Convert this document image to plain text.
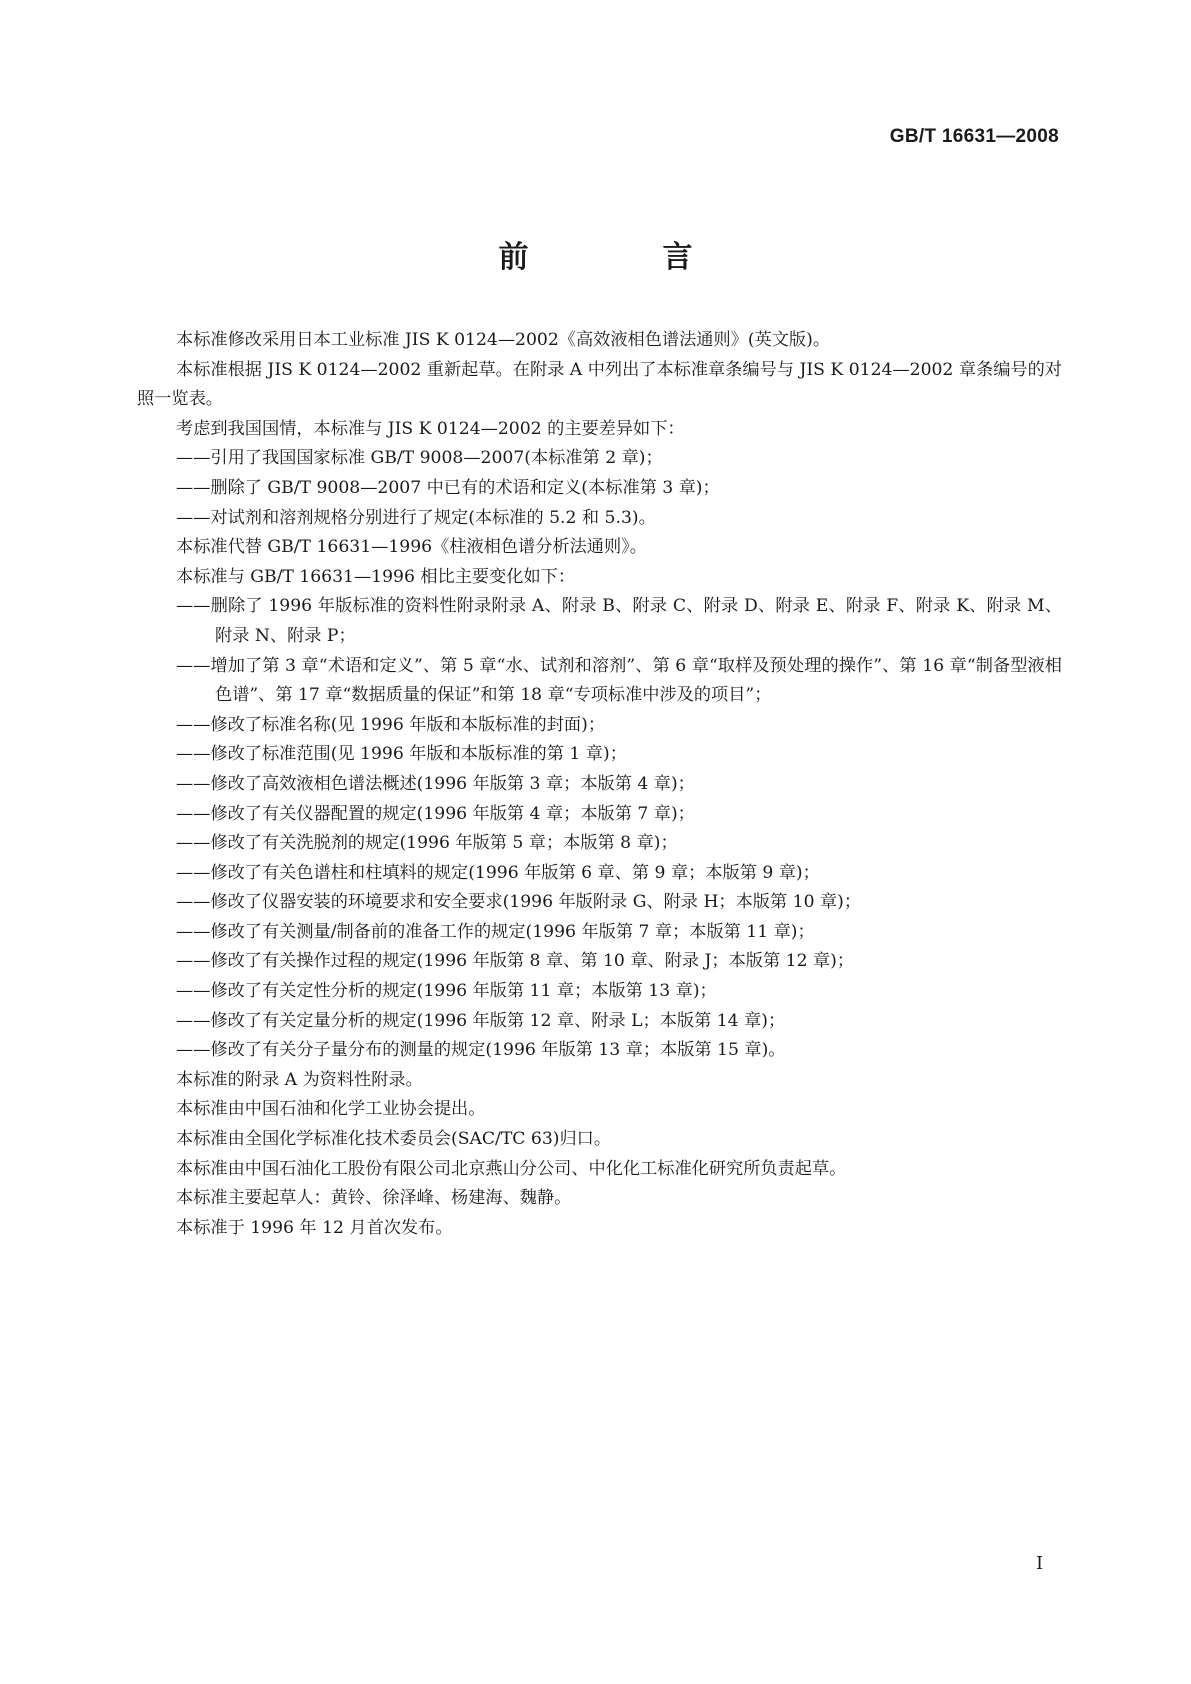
GB/T 16631—2008
前　言
本标准修改采用日本工业标准 JIS K 0124—2002《高效液相色谱法通则》(英文版)。
本标准根据 JIS K 0124—2002 重新起草。在附录 A 中列出了本标准章条编号与 JIS K 0124—2002 章条编号的对照一览表。
考虑到我国国情，本标准与 JIS K 0124—2002 的主要差异如下：
——引用了我国国家标准 GB/T 9008—2007(本标准第 2 章)；
——删除了 GB/T 9008—2007 中已有的术语和定义(本标准第 3 章)；
——对试剂和溶剂规格分别进行了规定(本标准的 5.2 和 5.3)。
本标准代替 GB/T 16631—1996《柱液相色谱分析法通则》。
本标准与 GB/T 16631—1996 相比主要变化如下：
——删除了 1996 年版标准的资料性附录附录 A、附录 B、附录 C、附录 D、附录 E、附录 F、附录 K、附录 M、附录 N、附录 P；
——增加了第 3 章“术语和定义”、第 5 章“水、试剂和溶剂”、第 6 章“取样及预处理的操作”、第 16 章“制备型液相色谱”、第 17 章“数据质量的保证”和第 18 章“专项标准中涉及的项目”；
——修改了标准名称(见 1996 年版和本版标准的封面)；
——修改了标准范围(见 1996 年版和本版标准的第 1 章)；
——修改了高效液相色谱法概述(1996 年版第 3 章；本版第 4 章)；
——修改了有关仪器配置的规定(1996 年版第 4 章；本版第 7 章)；
——修改了有关洗脱剂的规定(1996 年版第 5 章；本版第 8 章)；
——修改了有关色谱柱和柱填料的规定(1996 年版第 6 章、第 9 章；本版第 9 章)；
——修改了仪器安装的环境要求和安全要求(1996 年版附录 G、附录 H；本版第 10 章)；
——修改了有关测量/制备前的准备工作的规定(1996 年版第 7 章；本版第 11 章)；
——修改了有关操作过程的规定(1996 年版第 8 章、第 10 章、附录 J；本版第 12 章)；
——修改了有关定性分析的规定(1996 年版第 11 章；本版第 13 章)；
——修改了有关定量分析的规定(1996 年版第 12 章、附录 L；本版第 14 章)；
——修改了有关分子量分布的测量的规定(1996 年版第 13 章；本版第 15 章)。
本标准的附录 A 为资料性附录。
本标准由中国石油和化学工业协会提出。
本标准由全国化学标准化技术委员会(SAC/TC 63)归口。
本标准由中国石油化工股份有限公司北京燕山分公司、中化化工标准化研究所负责起草。
本标准主要起草人：黄铃、徐泽峰、杨建海、魏静。
本标准于 1996 年 12 月首次发布。
I
